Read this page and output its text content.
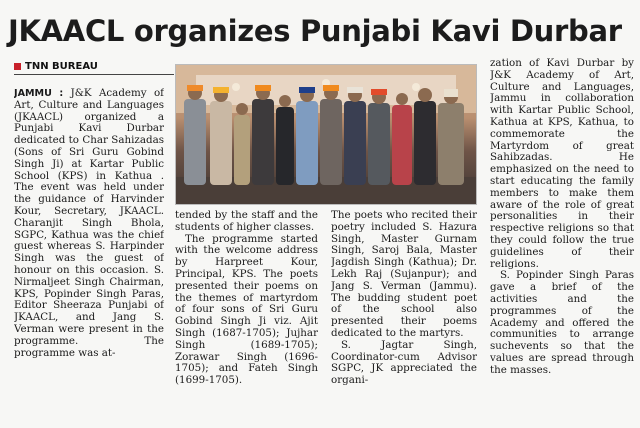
JKAACL organizes Punjabi Kavi Durbar
TNN BUREAU

JAMMU : J&K Academy of Art, Culture and Languages (JKAACL) organized a Punjabi Kavi Durbar dedicated to Char Sahizadas (Sons of Sri Guru Gobind Singh Ji) at Kartar Public School (KPS) in Kathua . The event was held under the guidance of Harvinder Kour, Secretary, JKAACL. Charanjit Singh Bhola, SGPC, Kathua was the chief guest whereas S. Harpinder Singh was the guest of honour on this occasion. S. Nirmaljeet Singh Chairman, KPS, Popinder Singh Paras, Editor Sheeraza Punjabi of JKAACL, and Jang S. Verman were present in the programme. The programme was at-

tended by the staff and the students of higher classes.

The programme started with the welcome address by Harpreet Kour, Principal, KPS. The poets presented their poems on the themes of martyrdom of four sons of Sri Guru Gobind Singh Ji viz. Ajit Singh (1687-1705); Jujhar Singh (1689-1705); Zorawar Singh (1696-1705); and Fateh Singh (1699-1705).

The poets who recited their poetry included S. Hazura Singh, Master Gurnam Singh, Saroj Bala, Master Jagdish Singh (Kathua); Dr. Lekh Raj (Sujanpur); and Jang S. Verman (Jammu). The budding student poet of the school also presented their poems dedicated to the martyrs.

S. Jagtar Singh, Coordinator-cum Advisor SGPC, JK appreciated the organi-

zation of Kavi Durbar by J&K Academy of Art, Culture and Languages, Jammu in collaboration with Kartar Public School, Kathua at KPS, Kathua, to commemorate the Martyrdom of great Sahibzadas. He emphasized on the need to start educating the family members to make them aware of the role of great personalities in their respective religions so that they could follow the true guidelines of their religions.

S. Popinder Singh Paras gave a brief of the activities and the programmes of the Academy and offered the communities to arrange suchevents so that the values are spread through the masses.
